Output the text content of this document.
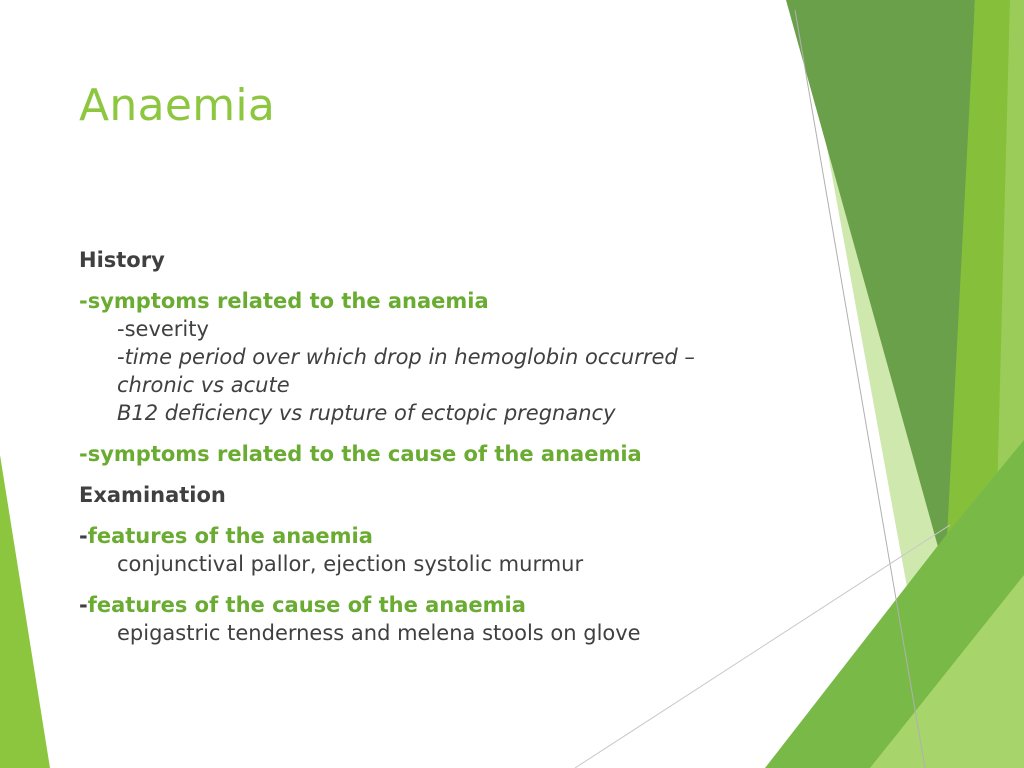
Anaemia
History
-symptoms related to the anaemia
-severity
-time period over which drop in hemoglobin occurred –
chronic vs acute
B12 deficiency vs rupture of ectopic pregnancy
-symptoms related to the cause of the anaemia
Examination
-features of the anaemia
conjunctival pallor, ejection systolic murmur
-features of the cause of the anaemia
epigastric tenderness and melena stools on glove
